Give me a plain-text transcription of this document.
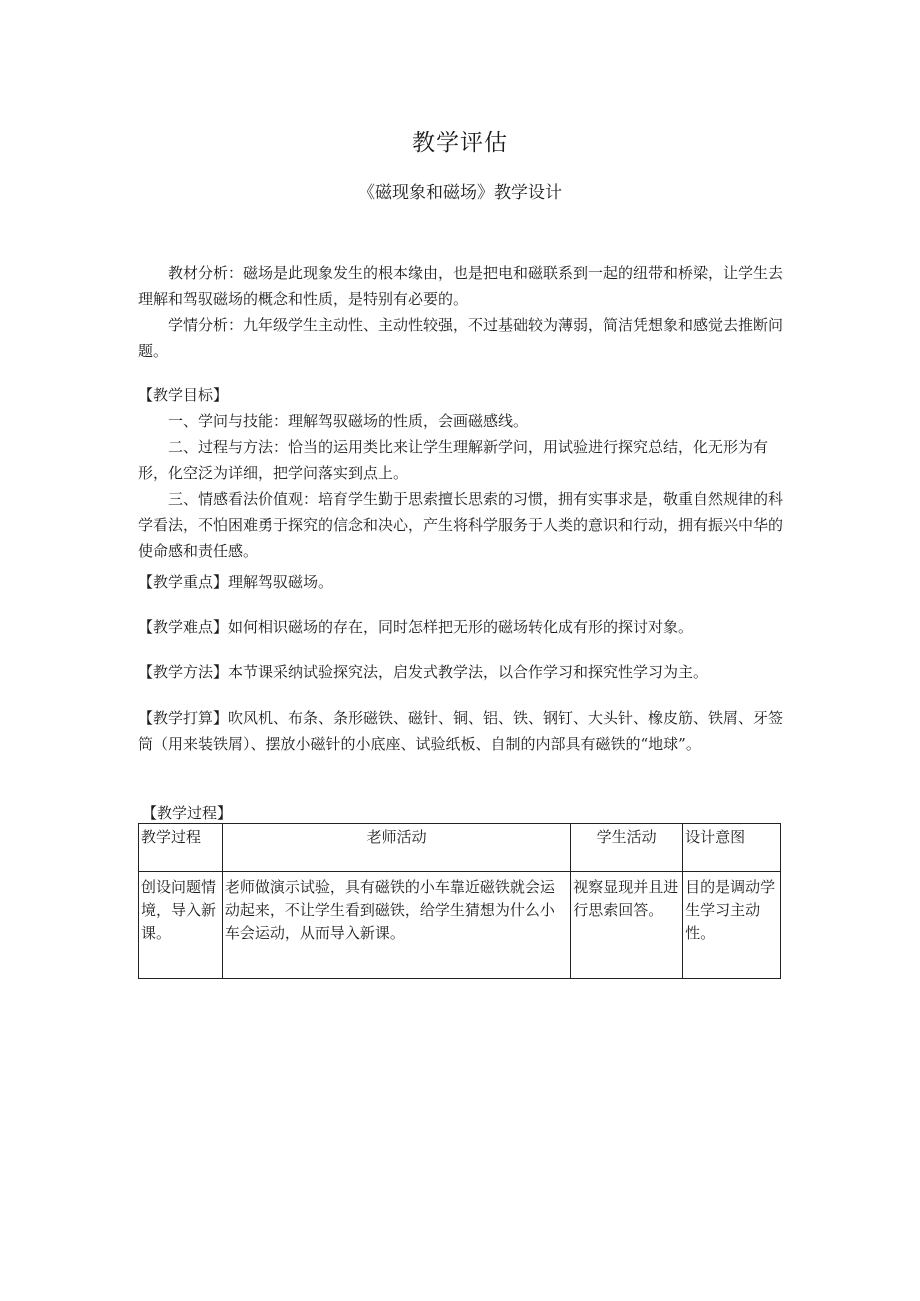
教学评估
《磁现象和磁场》教学设计

教材分析：磁场是此现象发生的根本缘由，也是把电和磁联系到一起的纽带和桥梁，让学生去理解和驾驭磁场的概念和性质，是特别有必要的。

学情分析：九年级学生主动性、主动性较强，不过基础较为薄弱，简洁凭想象和感觉去推断问题。

【教学目标】

一、学问与技能：理解驾驭磁场的性质，会画磁感线。

二、过程与方法：恰当的运用类比来让学生理解新学问，用试验进行探究总结，化无形为有形，化空泛为详细，把学问落实到点上。

三、情感看法价值观：培育学生勤于思索擅长思索的习惯，拥有实事求是，敬重自然规律的科学看法，不怕困难勇于探究的信念和决心，产生将科学服务于人类的意识和行动，拥有振兴中华的使命感和责任感。

【教学重点】理解驾驭磁场。

【教学难点】如何相识磁场的存在，同时怎样把无形的磁场转化成有形的探讨对象。

【教学方法】本节课采纳试验探究法，启发式教学法，以合作学习和探究性学习为主。

【教学打算】吹风机、布条、条形磁铁、磁针、铜、铝、铁、钢钉、大头针、橡皮筋、铁屑、牙签筒（用来装铁屑）、摆放小磁针的小底座、试验纸板、自制的内部具有磁铁的“地球”。

【教学过程】
教学过程	老师活动	学生活动	设计意图
创设问题情境，导入新课。	老师做演示试验，具有磁铁的小车靠近磁铁就会运动起来，不让学生看到磁铁，给学生猜想为什么小车会运动，从而导入新课。	视察显现并且进行思索回答。	目的是调动学生学习主动性。
